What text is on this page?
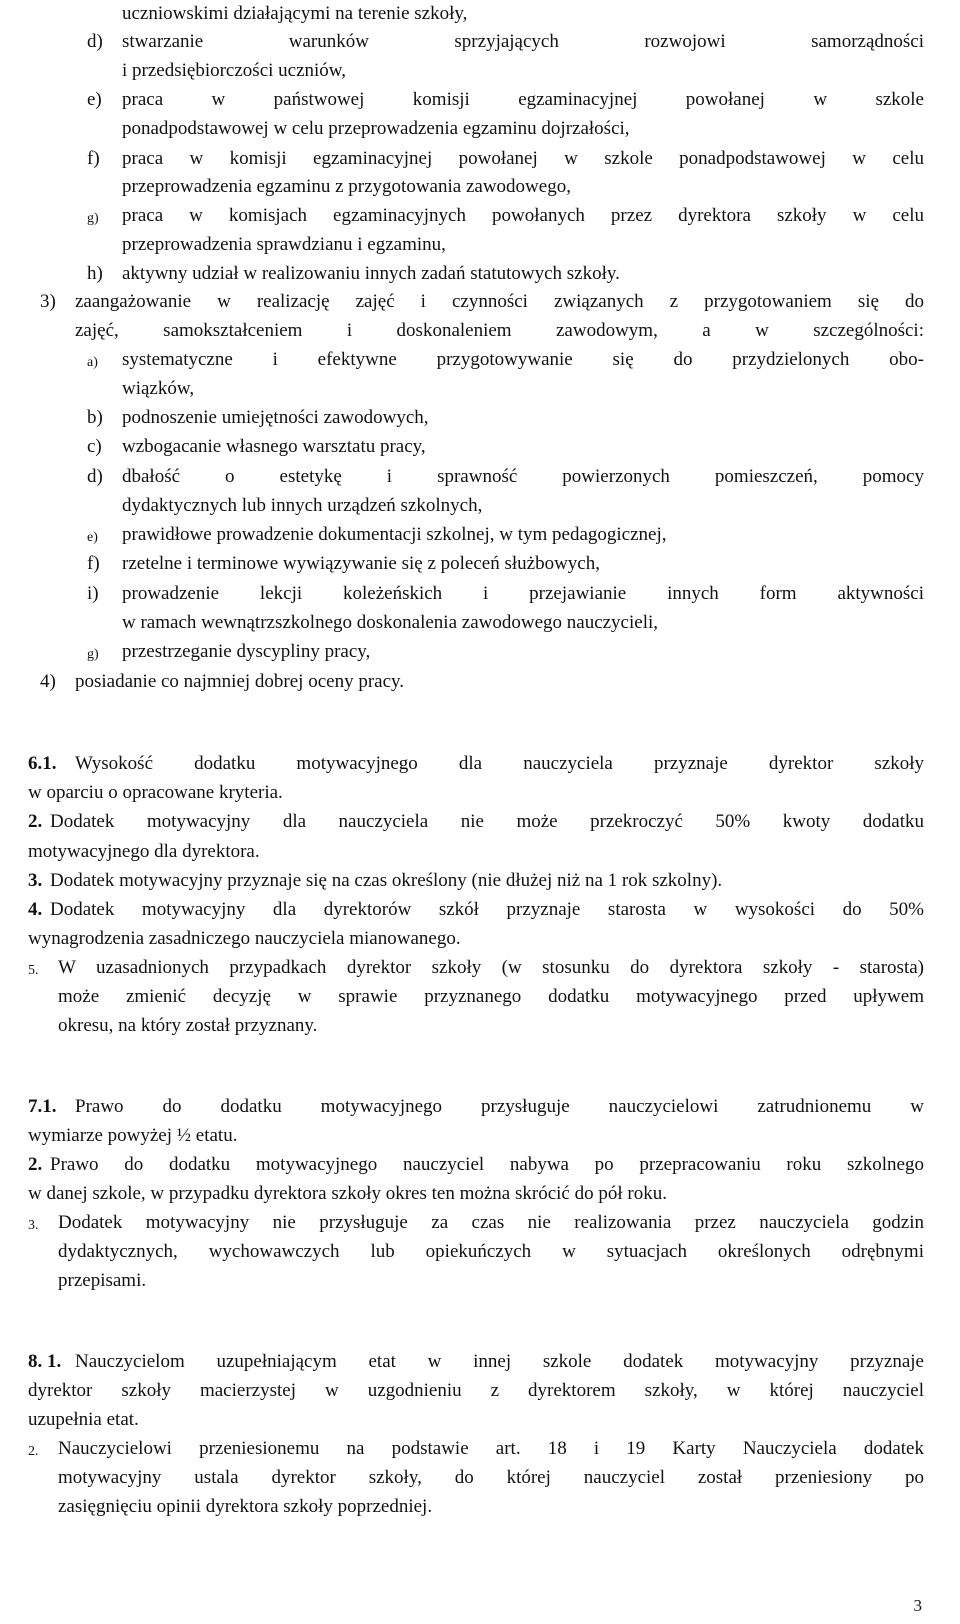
uczniowskimi działającymi na terenie szkoły,
d) stwarzanie warunków sprzyjających rozwojowi samorządności
i przedsiębiorczości uczniów,
e) praca w państwowej komisji egzaminacyjnej powołanej w szkole
ponadpodstawowej w celu przeprowadzenia egzaminu dojrzałości,
f) praca w komisji egzaminacyjnej powołanej w szkole ponadpodstawowej w celu
przeprowadzenia egzaminu z przygotowania zawodowego,
g) praca w komisjach egzaminacyjnych powołanych przez dyrektora szkoły w celu
przeprowadzenia sprawdzianu i egzaminu,
h) aktywny udział w realizowaniu innych zadań statutowych szkoły.
3) zaangażowanie w realizację zajęć i czynności związanych z przygotowaniem się do
zajęć, samokształceniem i doskonaleniem zawodowym, a w szczególności:
a) systematyczne i efektywne przygotowywanie się do przydzielonych obo-
wiązków,
b) podnoszenie umiejętności zawodowych,
c) wzbogacanie własnego warsztatu pracy,
d) dbałość o estetykę i sprawność powierzonych pomieszczeń, pomocy
dydaktycznych lub innych urządzeń szkolnych,
e) prawidłowe prowadzenie dokumentacji szkolnej, w tym pedagogicznej,
f) rzetelne i terminowe wywiązywanie się z poleceń służbowych,
i) prowadzenie lekcji koleżeńskich i przejawianie innych form aktywności
w ramach wewnątrzszkolnego doskonalenia zawodowego nauczycieli,
g) przestrzeganie dyscypliny pracy,
4) posiadanie co najmniej dobrej oceny pracy.
6.1. Wysokość dodatku motywacyjnego dla nauczyciela przyznaje dyrektor szkoły
w oparciu o opracowane kryteria.
2. Dodatek motywacyjny dla nauczyciela nie może przekroczyć 50% kwoty dodatku
motywacyjnego dla dyrektora.
3. Dodatek motywacyjny przyznaje się na czas określony (nie dłużej niż na 1 rok szkolny).
4. Dodatek motywacyjny dla dyrektorów szkół przyznaje starosta w wysokości do 50%
wynagrodzenia zasadniczego nauczyciela mianowanego.
5. W uzasadnionych przypadkach dyrektor szkoły (w stosunku do dyrektora szkoły - starosta)
może zmienić decyzję w sprawie przyznanego dodatku motywacyjnego przed upływem
okresu, na który został przyznany.
7.1. Prawo do dodatku motywacyjnego przysługuje nauczycielowi zatrudnionemu w
wymiarze powyżej ½ etatu.
2. Prawo do dodatku motywacyjnego nauczyciel nabywa po przepracowaniu roku szkolnego
w danej szkole, w przypadku dyrektora szkoły okres ten można skrócić do pół roku.
3. Dodatek motywacyjny nie przysługuje za czas nie realizowania przez nauczyciela godzin
dydaktycznych, wychowawczych lub opiekuńczych w sytuacjach określonych odrębnymi
przepisami.
8. 1. Nauczycielom uzupełniającym etat w innej szkole dodatek motywacyjny przyznaje
dyrektor szkoły macierzystej w uzgodnieniu z dyrektorem szkoły, w której nauczyciel
uzupełnia etat.
2. Nauczycielowi przeniesionemu na podstawie art. 18 i 19 Karty Nauczyciela dodatek
motywacyjny ustala dyrektor szkoły, do której nauczyciel został przeniesiony po
zasięgnięciu opinii dyrektora szkoły poprzedniej.
3
